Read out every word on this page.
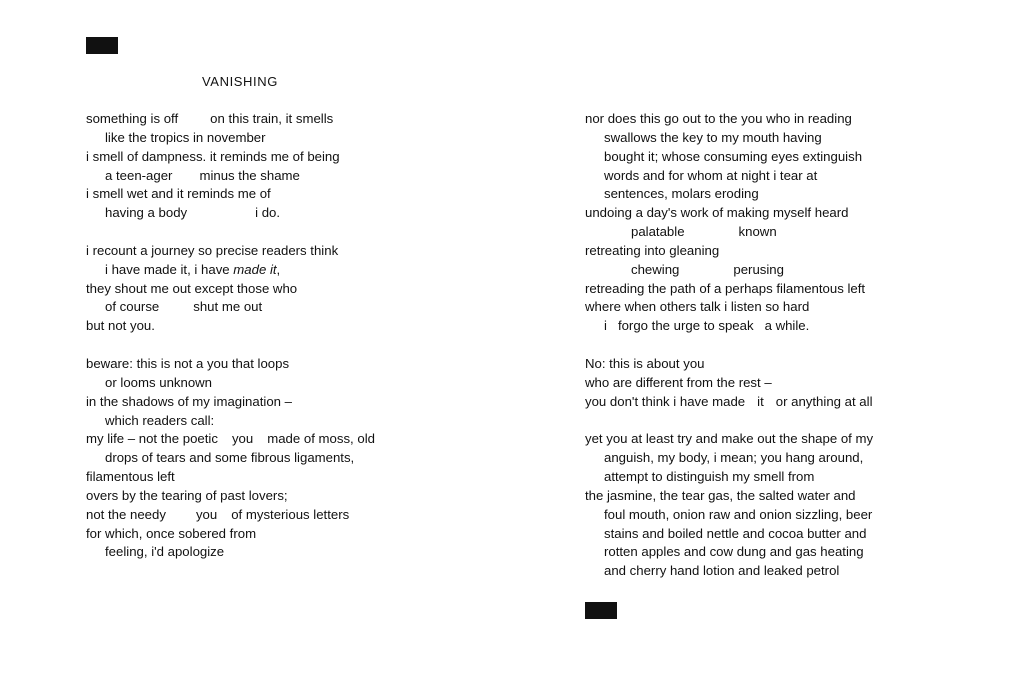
VANISHING
something is off on this train, it smells
like the tropics in november
i smell of dampness. it reminds me of being
a teen-ager minus the shame
i smell wet and it reminds me of
having a body	i do.
i recount a journey so precise readers think
i have made it, i have made it,
they shout me out except those who
of course	shut me out
but not you.
beware: this is not a you that loops
or looms unknown
in the shadows of my imagination –
which readers call:
my life – not the poetic you made of moss, old
drops of tears and some fibrous ligaments,
filamentous left
overs by the tearing of past lovers;
not the needy you of mysterious letters
for which, once sobered from
feeling, i'd apologize
nor does this go out to the you who in reading
swallows the key to my mouth having
bought it; whose consuming eyes extinguish
words and for whom at night i tear at
sentences, molars eroding
undoing a day's work of making myself heard
palatable	known
retreating into gleaning
chewing	perusing
retreading the path of a perhaps filamentous left
where when others talk i listen so hard
i forgo the urge to speak a while.
No: this is about you
who are different from the rest –
you don't think i have made it or anything at all
yet you at least try and make out the shape of my
anguish, my body, i mean; you hang around,
attempt to distinguish my smell from
the jasmine, the tear gas, the salted water and
foul mouth, onion raw and onion sizzling, beer
stains and boiled nettle and cocoa butter and
rotten apples and cow dung and gas heating
and cherry hand lotion and leaked petrol
